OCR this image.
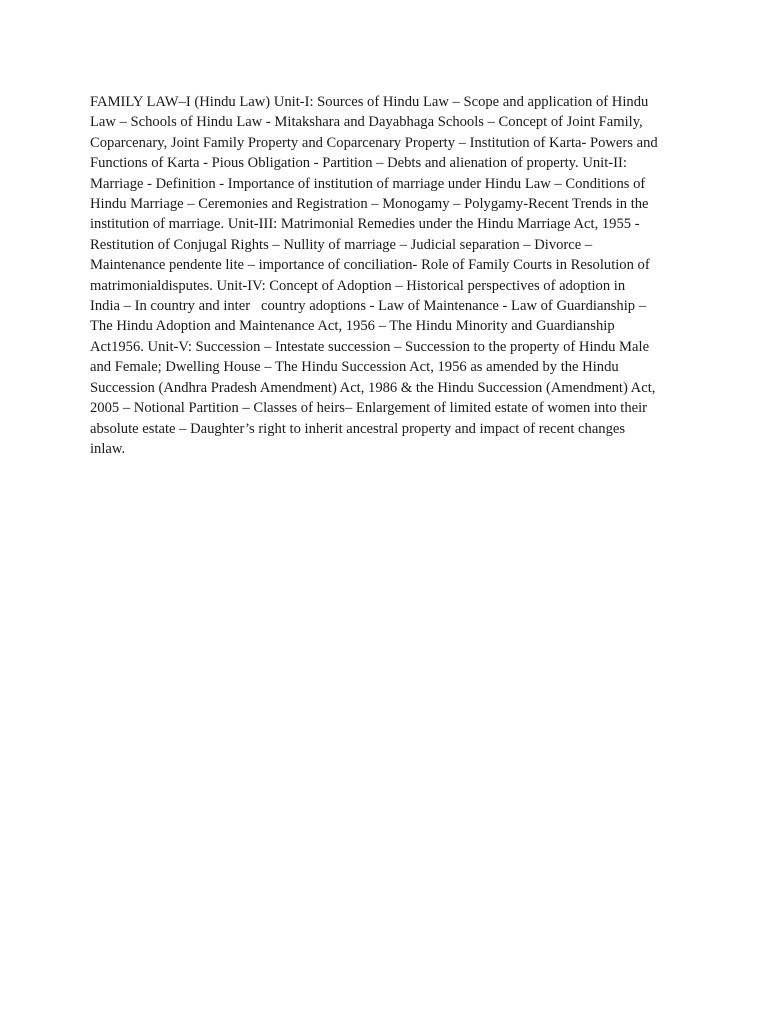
FAMILY LAW–I (Hindu Law) Unit-I: Sources of Hindu Law – Scope and application of Hindu
Law – Schools of Hindu Law - Mitakshara and Dayabhaga Schools – Concept of Joint Family,
Coparcenary, Joint Family Property and Coparcenary Property – Institution of Karta- Powers and
Functions of Karta - Pious Obligation - Partition – Debts and alienation of property. Unit-II:
Marriage - Definition - Importance of institution of marriage under Hindu Law – Conditions of
Hindu Marriage – Ceremonies and Registration – Monogamy – Polygamy-Recent Trends in the
institution of marriage. Unit-III: Matrimonial Remedies under the Hindu Marriage Act, 1955 -
Restitution of Conjugal Rights – Nullity of marriage – Judicial separation – Divorce –
Maintenance pendente lite – importance of conciliation- Role of Family Courts in Resolution of
matrimonialdisputes. Unit-IV: Concept of Adoption – Historical perspectives of adoption in
India – In country and inter   country adoptions - Law of Maintenance - Law of Guardianship –
The Hindu Adoption and Maintenance Act, 1956 – The Hindu Minority and Guardianship
Act1956. Unit-V: Succession – Intestate succession – Succession to the property of Hindu Male
and Female; Dwelling House – The Hindu Succession Act, 1956 as amended by the Hindu
Succession (Andhra Pradesh Amendment) Act, 1986 & the Hindu Succession (Amendment) Act,
2005 – Notional Partition – Classes of heirs– Enlargement of limited estate of women into their
absolute estate – Daughter’s right to inherit ancestral property and impact of recent changes
inlaw.
